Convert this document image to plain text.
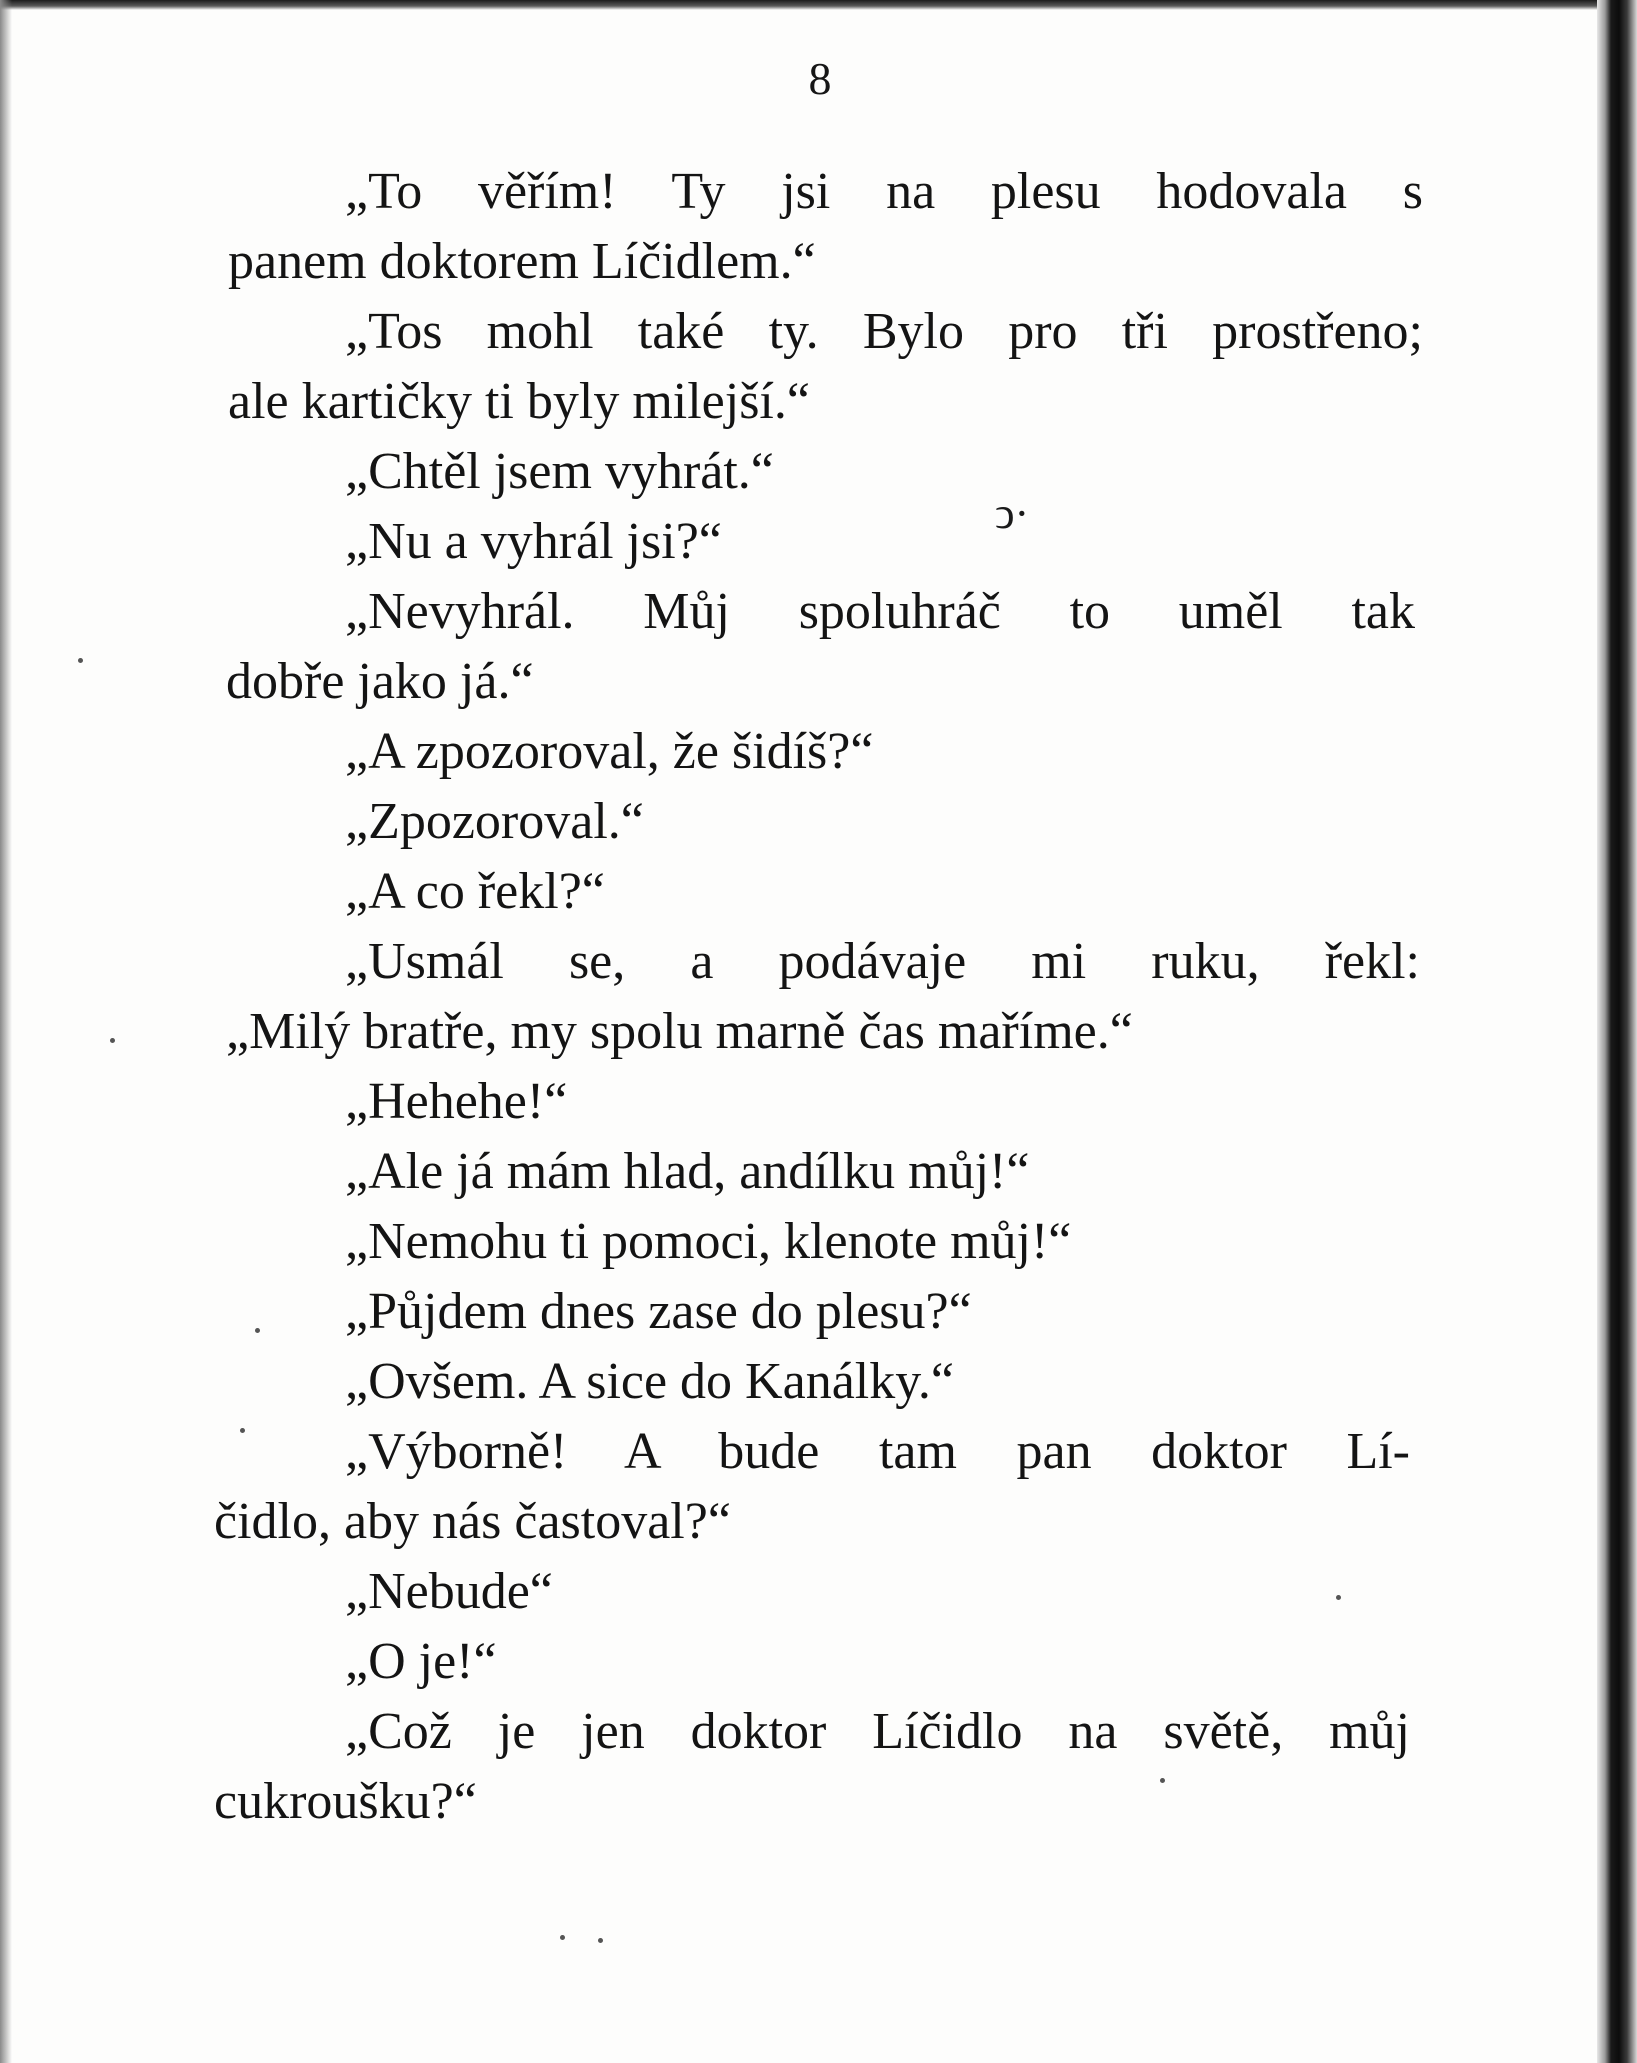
8
„To věřím! Ty jsi na plesu hodovala s
panem doktorem Líčidlem.“
„Tos mohl také ty. Bylo pro tři prostřeno;
ale kartičky ti byly milejší.“
„Chtěl jsem vyhrát.“
„Nu a vyhrál jsi?“
„Nevyhrál. Můj spoluhráč to uměl tak
dobře jako já.“
„A zpozoroval, že šidíš?“
„Zpozoroval.“
„A co řekl?“
„Usmál se, a podávaje mi ruku, řekl:
„Milý bratře, my spolu marně čas maříme.“
„Hehehe!“
„Ale já mám hlad, andílku můj!“
„Nemohu ti pomoci, klenote můj!“
„Půjdem dnes zase do plesu?“
„Ovšem. A sice do Kanálky.“
„Výborně! A bude tam pan doktor Lí-
čidlo, aby nás častoval?“
„Nebude“
„O je!“
„Což je jen doktor Líčidlo na světě, můj
cukroušku?“
ↄ·
